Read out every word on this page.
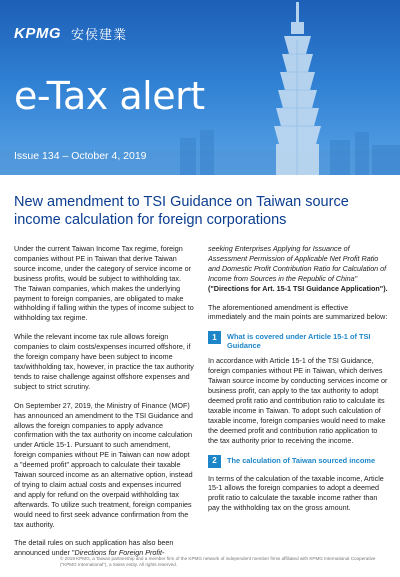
KPMG 安侯建業
e-Tax alert
Issue 134 – October 4, 2019
New amendment to TSI Guidance on Taiwan source income calculation for foreign corporations

Under the current Taiwan Income Tax regime, foreign companies without PE in Taiwan that derive Taiwan source income, under the category of service income or business profits, would be subject to withholding tax. The Taiwan companies, which makes the underlying payment to foreign companies, are obligated to make withholding if falling within the types of income subject to withholding tax regime.

While the relevant income tax rule allows foreign companies to claim costs/expenses incurred offshore, if the foreign company have been subject to income tax/withholding tax, however, in practice the tax authority tends to raise challenge against offshore expenses and subject to strict scrutiny.

On September 27, 2019, the Ministry of Finance (MOF) has announced an amendment to the TSI Guidance and allows the foreign companies to apply advance confirmation with the tax authority on income calculation under Article 15-1. Pursuant to such amendment, foreign companies without PE in Taiwan can now adopt a "deemed profit" approach to calculate their taxable Taiwan sourced income as an alternative option, instead of trying to claim actual costs and expenses incurred and apply for refund on the overpaid withholding tax afterwards. To utilize such treatment, foreign companies would need to first seek advance confirmation from the tax authority.

The detail rules on such application has also been announced under "Directions for Foreign Profit-

seeking Enterprises Applying for Issuance of Assessment Permission of Applicable Net Profit Ratio and Domestic Profit Contribution Ratio for Calculation of Income from Sources in the Republic of China" ("Directions for Art. 15-1 TSI Guidance Application").

The aforementioned amendment is effective immediately and the main points are summarized below:

1	What is covered under Article 15-1 of TSI Guidance

In accordance with Article 15-1 of the TSI Guidance, foreign companies without PE in Taiwan, which derives Taiwan source income by conducting services income or business profit, can apply to the tax authority to adopt deemed profit ratio and contribution ratio to calculate its taxable income in Taiwan. To adopt such calculation of taxable income, foreign companies would need to make the deemed profit and contribution ratio application to the tax authority prior to receiving the income.

2	The calculation of Taiwan sourced income

In terms of the calculation of the taxable income, Article 15-1 allows the foreign companies to adopt a deemed profit ratio to calculate the taxable income rather than pay the withholding tax on the gross amount.

© 2019 KPMG, a Taiwan partnership and a member firm of the KPMG network of independent member firms affiliated with KPMG International Cooperative ("KPMG International"), a Swiss entity. All rights reserved.
